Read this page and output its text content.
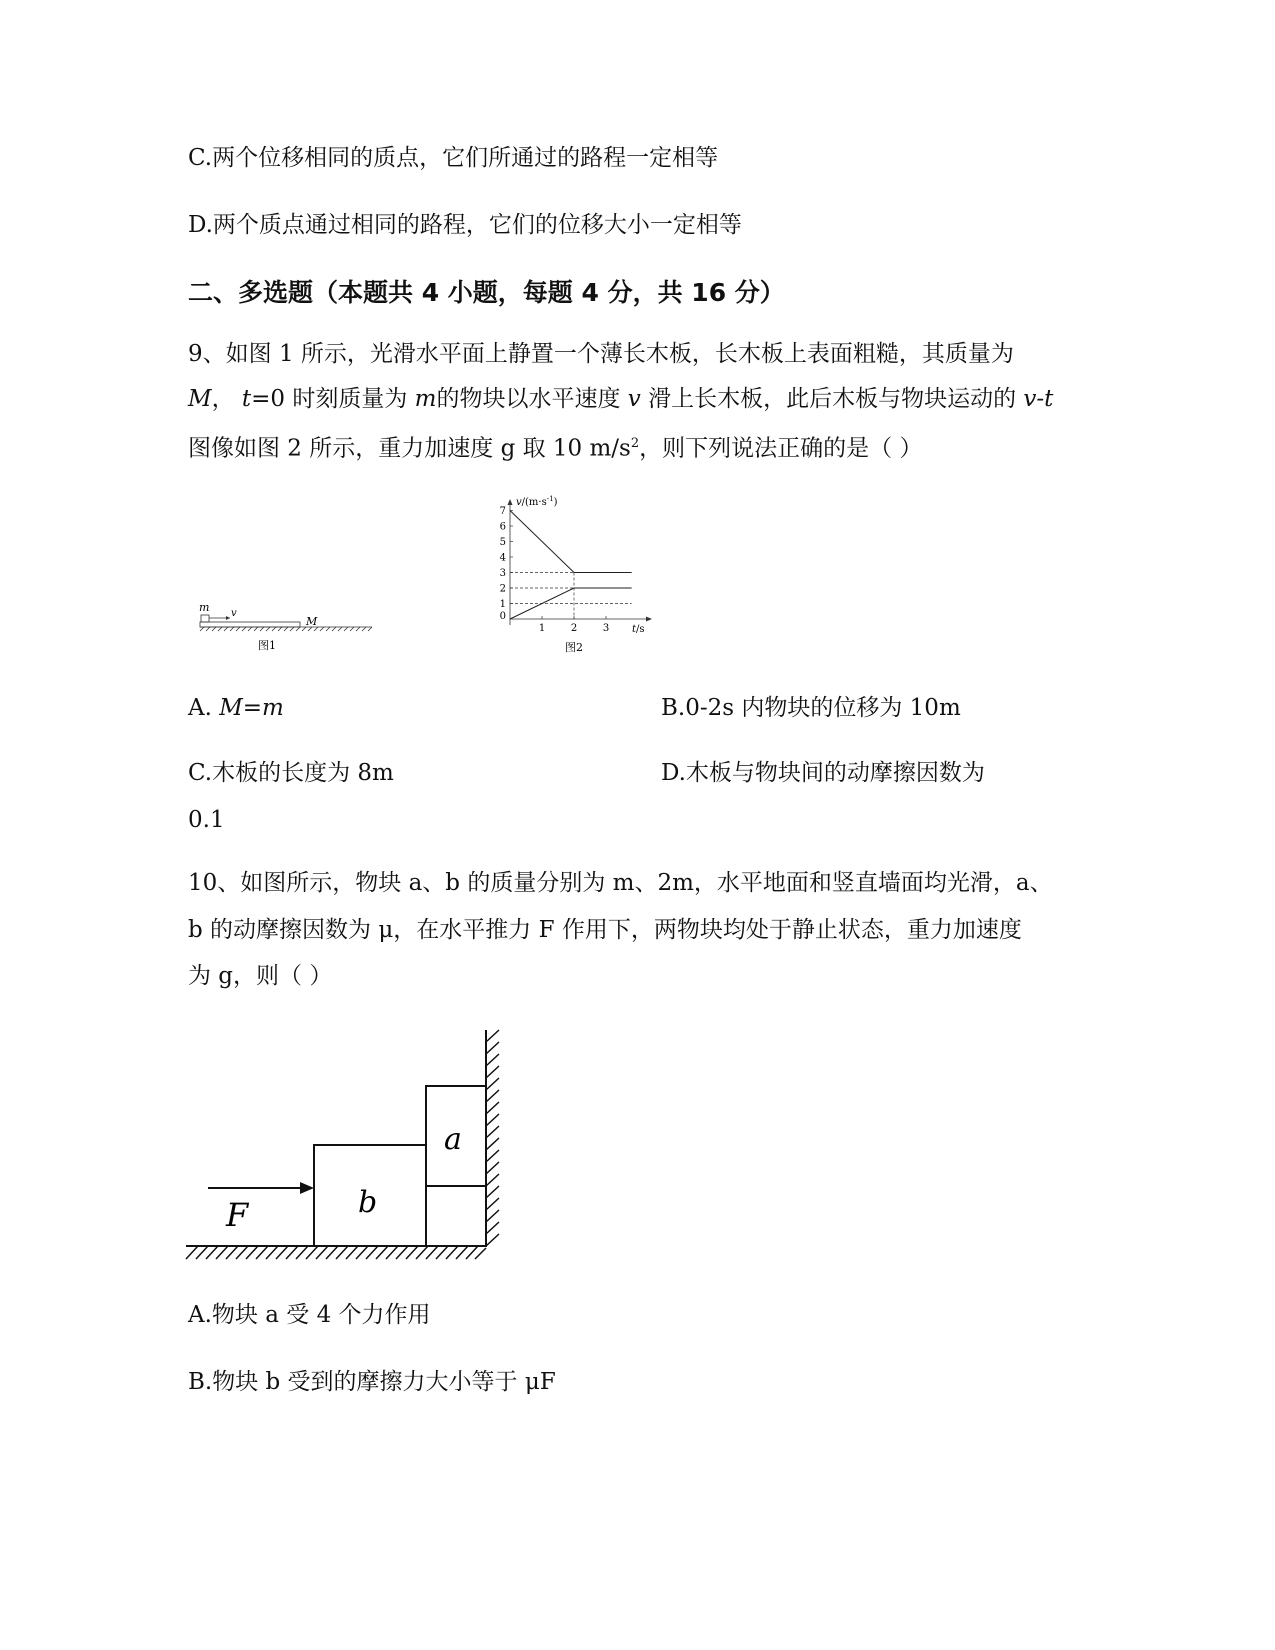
C.两个位移相同的质点，它们所通过的路程一定相等
D.两个质点通过相同的路程，它们的位移大小一定相等
二、多选题（本题共 4 小题，每题 4 分，共 16 分）
9、如图 1 所示，光滑水平面上静置一个薄长木板，长木板上表面粗糙，其质量为
M， t=0 时刻质量为 m的物块以水平速度 v 滑上长木板，此后木板与物块运动的 v-t
图像如图 2 所示，重力加速度 g 取 10 $m/s^2$，则下列说法正确的是（ ）
m v
M
图1
$v/(m\cdot s^{-1})$
t/s
0
1
2
3
4
5
6
7
1	2	3
图2
A. M=m	B.0-2s 内物块的位移为 10m
C.木板的长度为 8m	D.木板与物块间的动摩擦因数为
0.1
10、如图所示，物块 a、b 的质量分别为 m、2m，水平地面和竖直墙面均光滑，a、
b 的动摩擦因数为 μ，在水平推力 F 作用下，两物块均处于静止状态，重力加速度
为 g，则（ ）
F	b
a
A.物块 a 受 4 个力作用
B.物块 b 受到的摩擦力大小等于 μF
